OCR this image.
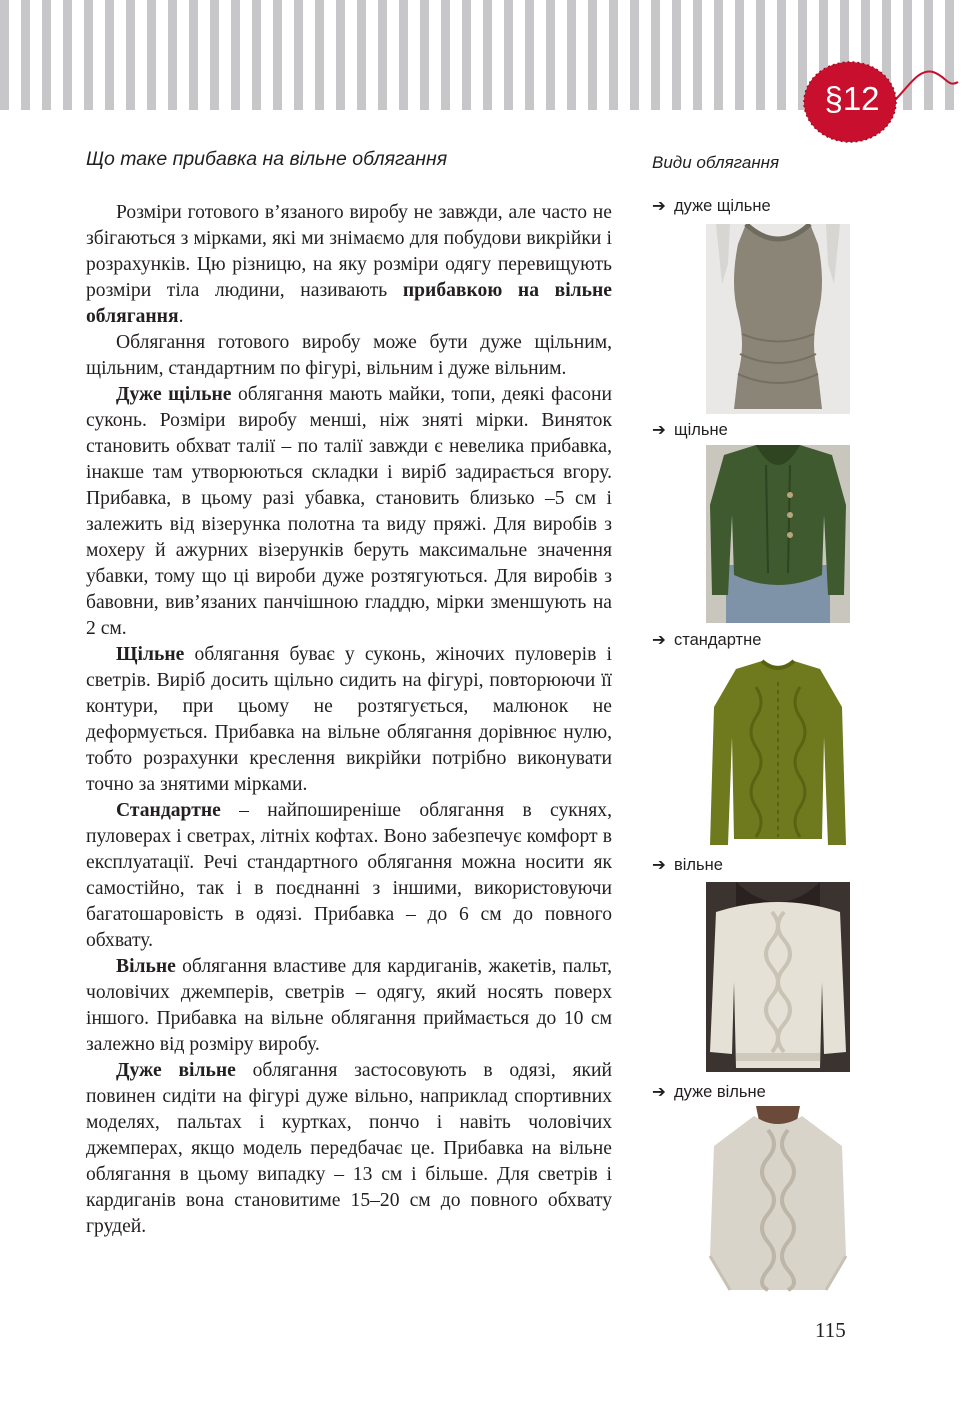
§12
Що таке прибавка на вільне облягання

Розміри готового в’язаного виробу не завжди, але часто не збігаються з мірками, які ми знімаємо для побудови викрійки і розрахунків. Цю різницю, на яку розміри одягу перевищують розміри тіла людини, називають прибавкою на вільне облягання.

Облягання готового виробу може бути дуже щільним, щільним, стандартним по фігурі, вільним і дуже вільним.

Дуже щільне облягання мають майки, топи, деякі фасони суконь. Розміри виробу менші, ніж зняті мірки. Виняток становить обхват талії – по талії завжди є невелика прибавка, інакше там утворюються складки і виріб задирається вгору. Прибавка, в цьому разі убавка, становить близько –5 см і залежить від візерунка полотна та виду пряжі. Для виробів з мохеру й ажурних візерунків беруть максимальне значення убавки, тому що ці вироби дуже розтягуються. Для виробів з бавовни, вив’язаних панчішною гладдю, мірки зменшують на 2 см.

Щільне облягання буває у суконь, жіночих пуловерів і светрів. Виріб досить щільно сидить на фігурі, повторюючи її контури, при цьому не розтягується, малюнок не деформується. Прибавка на вільне облягання дорівнює нулю, тобто розрахунки креслення викрійки потрібно виконувати точно за знятими мірками.

Стандартне – найпоширеніше облягання в сукнях, пуловерах і светрах, літніх кофтах. Воно забезпечує комфорт в експлуатації. Речі стандартного облягання можна носити як самостійно, так і в поєднанні з іншими, використовуючи багатошаровість в одязі. Прибавка – до 6 см до повного обхвату.

Вільне облягання властиве для кардиганів, жакетів, пальт, чоловічих джемперів, светрів – одягу, який носять поверх іншого. Прибавка на вільне облягання приймається до 10 см залежно від розміру виробу.

Дуже вільне облягання застосовують в одязі, який повинен сидіти на фігурі дуже вільно, наприклад спортивних моделях, пальтах і куртках, пончо і навіть чоловічих джемперах, якщо модель передбачає це. Прибавка на вільне облягання в цьому випадку – 13 см і більше. Для светрів і кардиганів вона становитиме 15–20 см до повного обхвату грудей.

Види облягання
➔ дуже щільне
➔ щільне
➔ стандартне
➔ вільне
➔ дуже вільне
115
